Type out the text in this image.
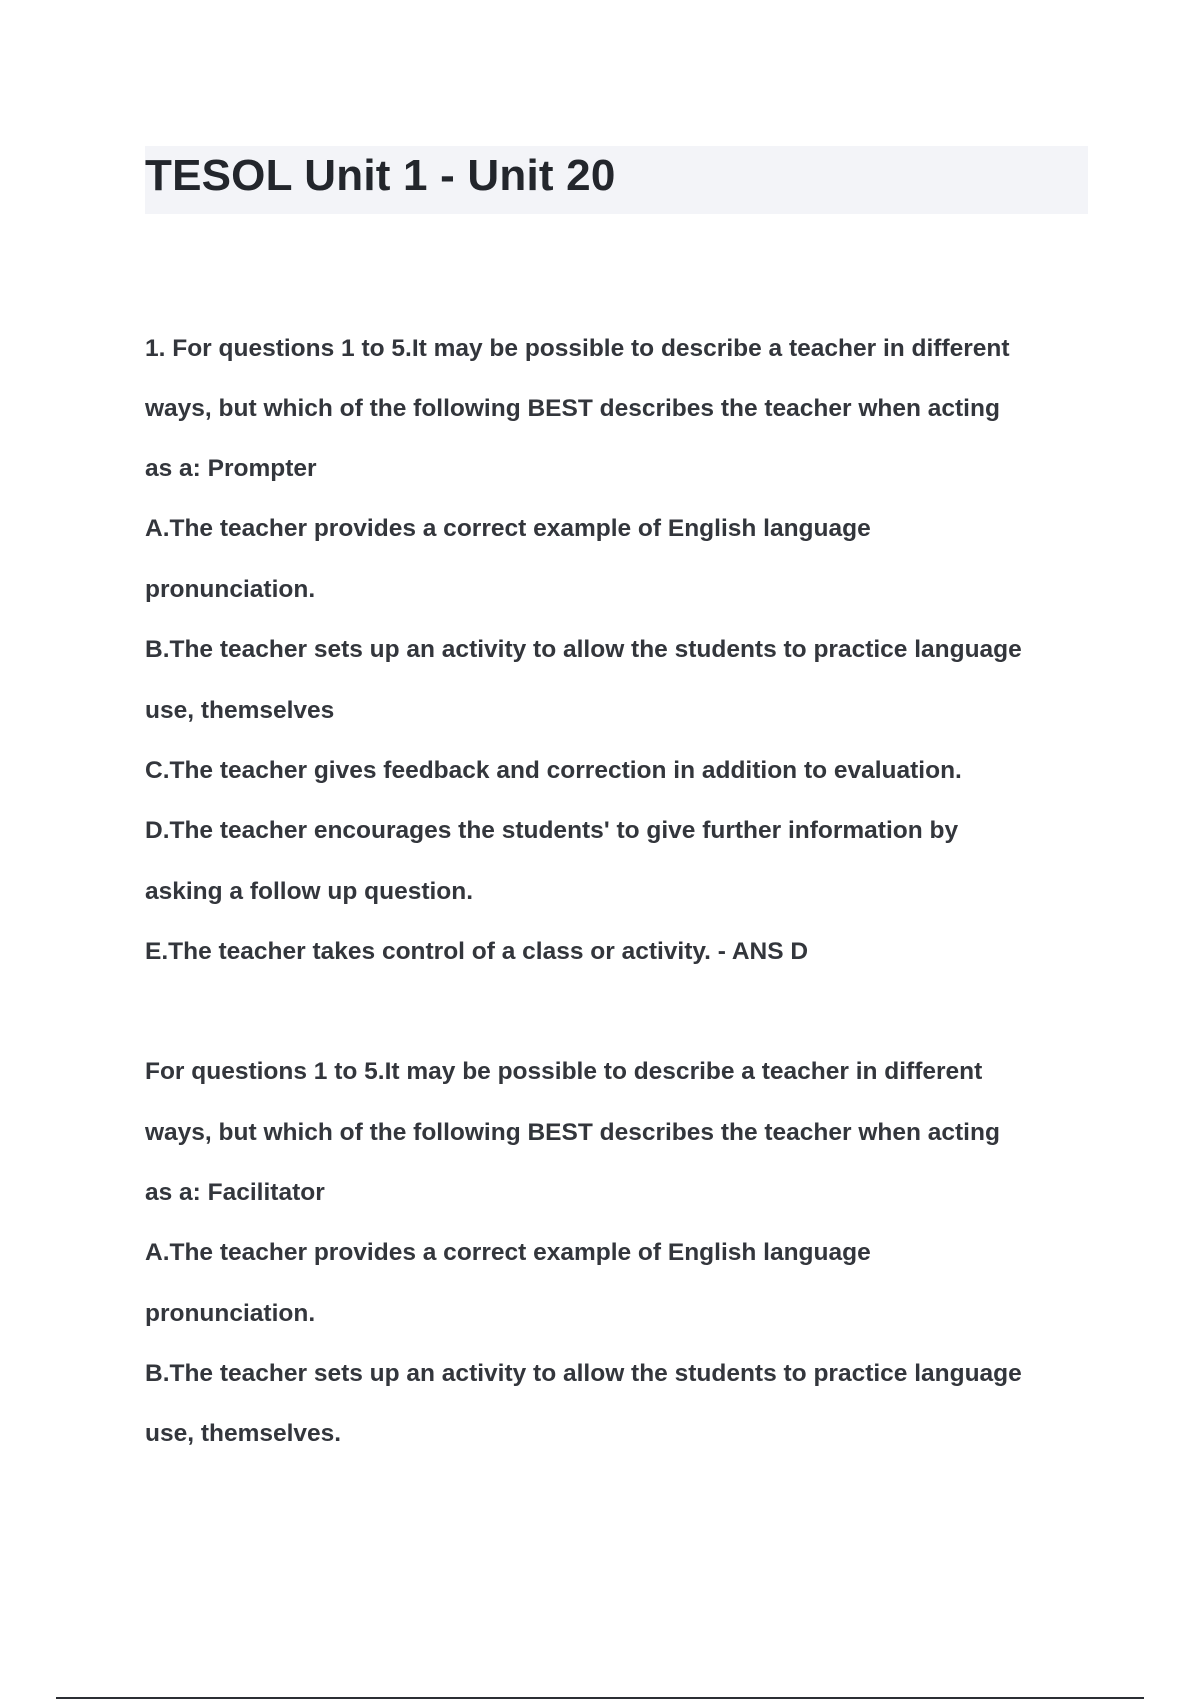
TESOL Unit 1 - Unit 20
1. For questions 1 to 5.It may be possible to describe a teacher in different
ways, but which of the following BEST describes the teacher when acting
as a: Prompter
A.The teacher provides a correct example of English language
pronunciation.
B.The teacher sets up an activity to allow the students to practice language
use, themselves
C.The teacher gives feedback and correction in addition to evaluation.
D.The teacher encourages the students' to give further information by
asking a follow up question.
E.The teacher takes control of a class or activity. - ANS D
For questions 1 to 5.It may be possible to describe a teacher in different
ways, but which of the following BEST describes the teacher when acting
as a: Facilitator
A.The teacher provides a correct example of English language
pronunciation.
B.The teacher sets up an activity to allow the students to practice language
use, themselves.
